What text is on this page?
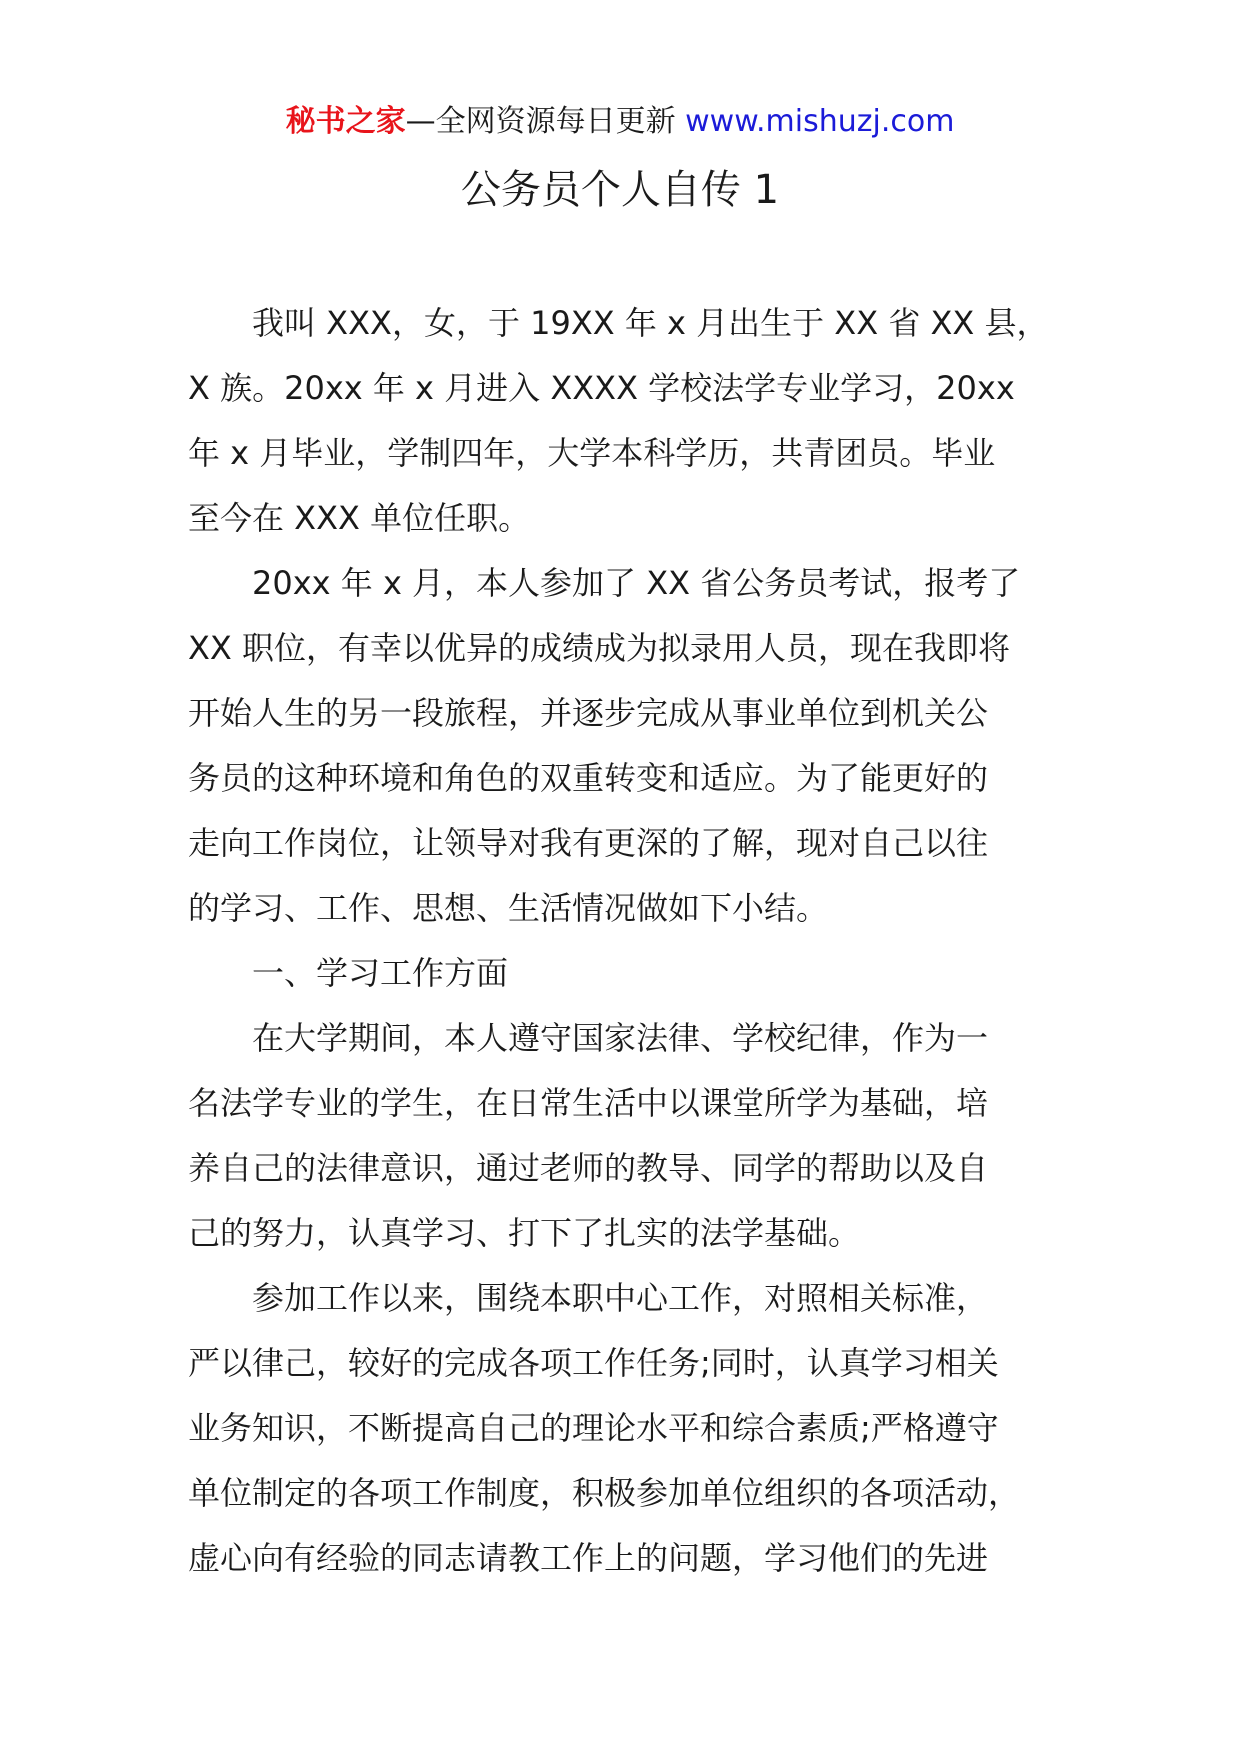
秘书之家—全网资源每日更新 www.mishuzj.com
公务员个人自传 1

我叫 XXX，女，于 19XX 年 x 月出生于 XX 省 XX 县，
X 族。20xx 年 x 月进入 XXXX 学校法学专业学习，20xx
年 x 月毕业，学制四年，大学本科学历，共青团员。毕业
至今在 XXX 单位任职。

20xx 年 x 月，本人参加了 XX 省公务员考试，报考了
XX 职位，有幸以优异的成绩成为拟录用人员，现在我即将
开始人生的另一段旅程，并逐步完成从事业单位到机关公
务员的这种环境和角色的双重转变和适应。为了能更好的
走向工作岗位，让领导对我有更深的了解，现对自己以往
的学习、工作、思想、生活情况做如下小结。

一、学习工作方面

在大学期间，本人遵守国家法律、学校纪律，作为一
名法学专业的学生，在日常生活中以课堂所学为基础，培
养自己的法律意识，通过老师的教导、同学的帮助以及自
己的努力，认真学习、打下了扎实的法学基础。

参加工作以来，围绕本职中心工作，对照相关标准，
严以律己，较好的完成各项工作任务;同时，认真学习相关
业务知识，不断提高自己的理论水平和综合素质;严格遵守
单位制定的各项工作制度，积极参加单位组织的各项活动，
虚心向有经验的同志请教工作上的问题，学习他们的先进
